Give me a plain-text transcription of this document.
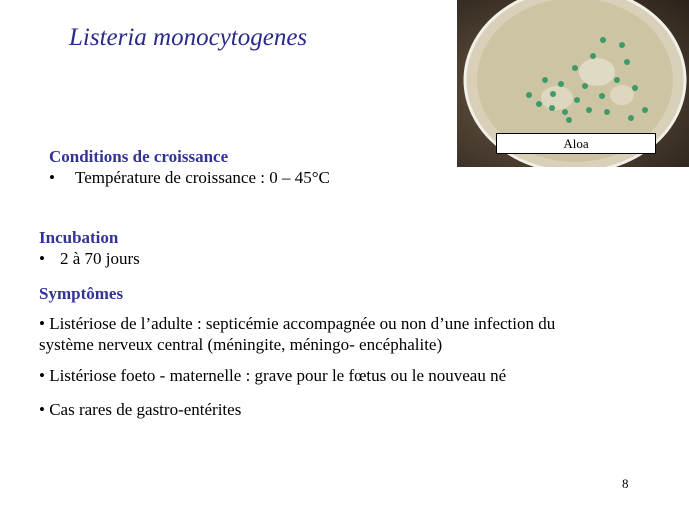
Listeria monocytogenes
Aloa
Conditions de croissance
• Température de croissance : 0 – 45°C
Incubation
• 2 à 70 jours
Symptômes
• Listériose de l’adulte : septicémie accompagnée ou non d’une infection du
système nerveux central (méningite, méningo- encéphalite)
• Listériose foeto - maternelle : grave pour le fœtus ou le nouveau né
• Cas rares de gastro-entérites
8
